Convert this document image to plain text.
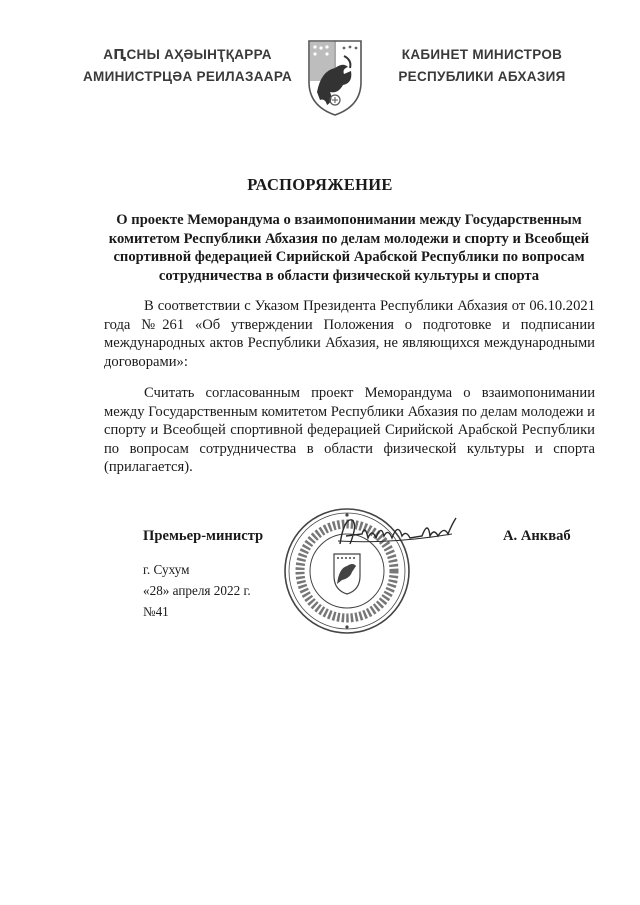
АԤСНЫ АҲӘЫНҬҚАРРА
АМИНИСТРЦӘА РЕИЛАЗААРА
КАБИНЕТ МИНИСТРОВ
РЕСПУБЛИКИ АБХАЗИЯ
РАСПОРЯЖЕНИЕ
О проекте Меморандума о взаимопонимании между Государственным комитетом Республики Абхазия по делам молодежи и спорту и Всеобщей спортивной федерацией Сирийской Арабской Республики по вопросам сотрудничества в области физической культуры и спорта
В соответствии с Указом Президента Республики Абхазия от 06.10.2021 года №261 «Об утверждении Положения о подготовке и подписании международных актов Республики Абхазия, не являющихся международными договорами»:
Считать согласованным проект Меморандума о взаимопонимании между Государственным комитетом Республики Абхазия по делам молодежи и спорту и Всеобщей спортивной федерацией Сирийской Арабской Республики по вопросам сотрудничества в области физической культуры и спорта (прилагается).
Премьер-министр	А. Анкваб
г. Сухум
«28» апреля 2022 г.
№41
